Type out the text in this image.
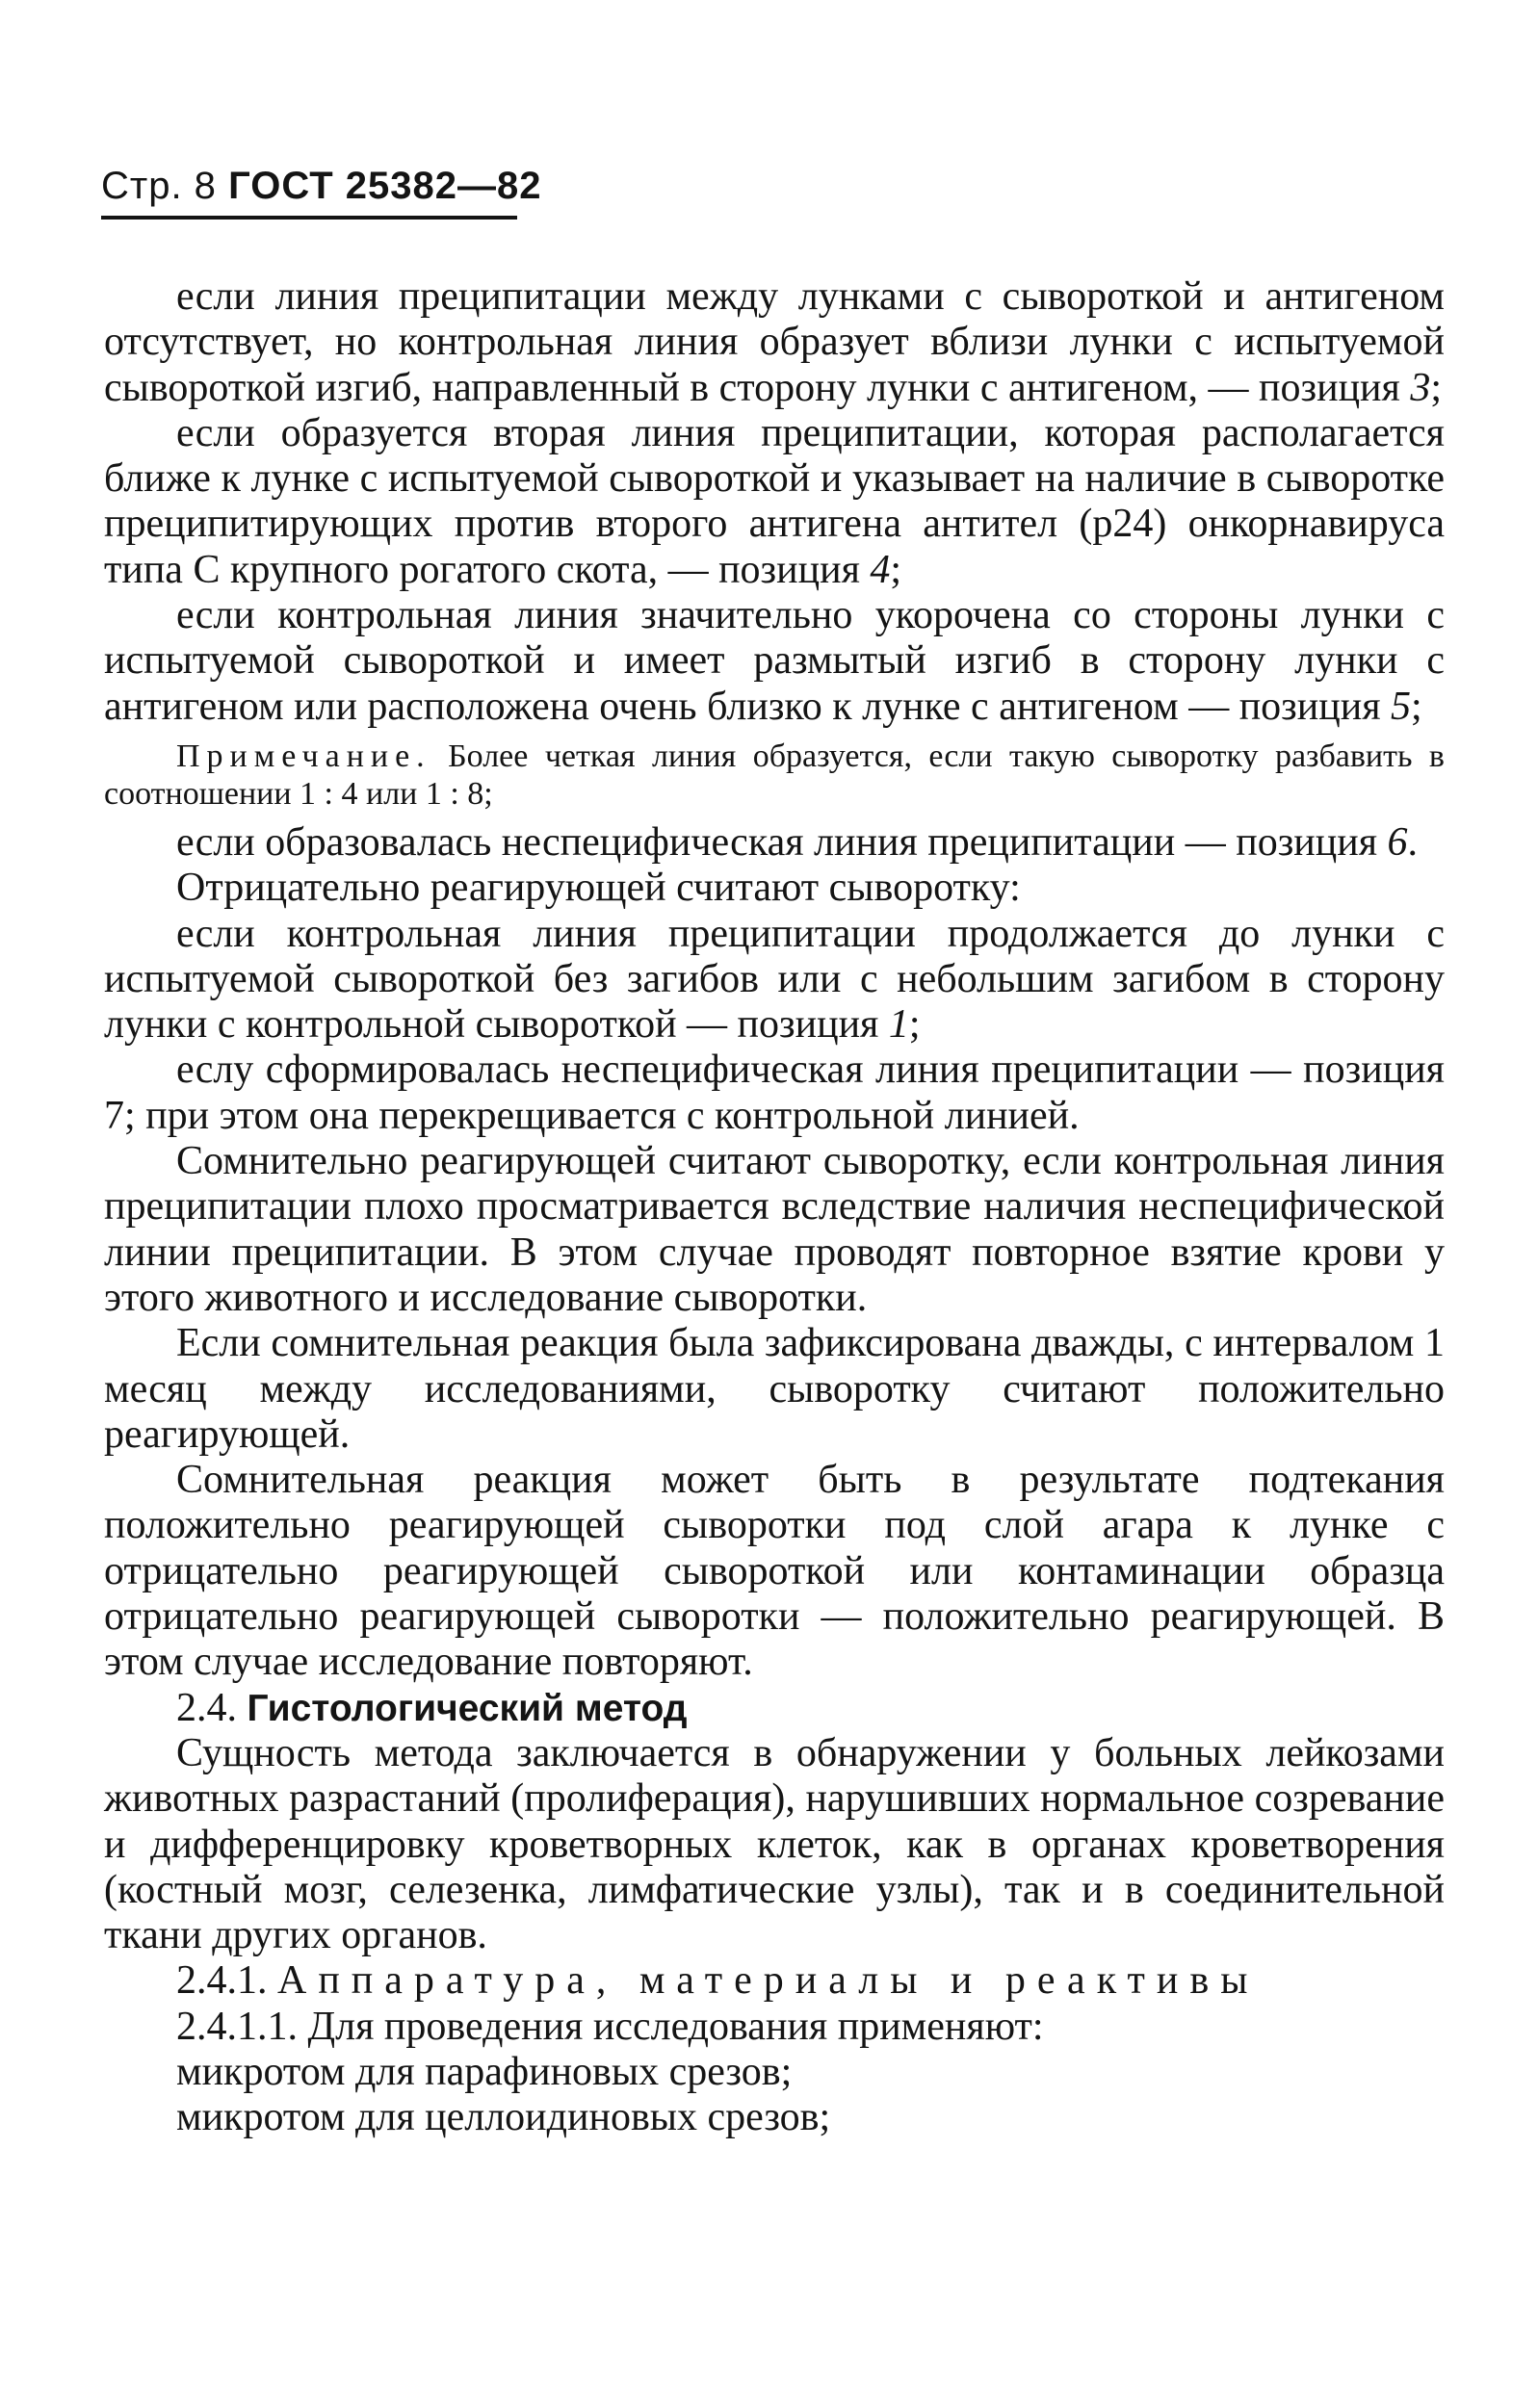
Стр. 8 ГОСТ 25382—82

если линия преципитации между лунками с сывороткой и антигеном отсутствует, но контрольная линия образует вблизи лунки с испытуемой сывороткой изгиб, направленный в сторону лунки с антигеном, — позиция 3;

если образуется вторая линия преципитации, которая располагается ближе к лунке с испытуемой сывороткой и указывает на наличие в сыворотке преципитирующих против второго антигена антител (р24) онкорнавируса типа С крупного рогатого скота, — позиция 4;

если контрольная линия значительно укорочена со стороны лунки с испытуемой сывороткой и имеет размытый изгиб в сторону лунки с антигеном или расположена очень близко к лунке с антигеном — позиция 5;

Примечание. Более четкая линия образуется, если такую сыворотку разбавить в соотношении 1 : 4 или 1 : 8;

если образовалась неспецифическая линия преципитации — позиция 6.

Отрицательно реагирующей считают сыворотку:

если контрольная линия преципитации продолжается до лунки с испытуемой сывороткой без загибов или с небольшим загибом в сторону лунки с контрольной сывороткой — позиция 1;

еслу сформировалась неспецифическая линия преципитации — позиция 7; при этом она перекрещивается с контрольной линией.

Сомнительно реагирующей считают сыворотку, если контрольная линия преципитации плохо просматривается вследствие наличия неспецифической линии преципитации. В этом случае проводят повторное взятие крови у этого животного и исследование сыворотки.

Если сомнительная реакция была зафиксирована дважды, с интервалом 1 месяц между исследованиями, сыворотку считают положительно реагирующей.

Сомнительная реакция может быть в результате подтекания положительно реагирующей сыворотки под слой агара к лунке с отрицательно реагирующей сывороткой или контаминации образца отрицательно реагирующей сыворотки — положительно реагирующей. В этом случае исследование повторяют.

2.4. Гистологический метод

Сущность метода заключается в обнаружении у больных лейкозами животных разрастаний (пролиферация), нарушивших нормальное созревание и дифференцировку кроветворных клеток, как в органах кроветворения (костный мозг, селезенка, лимфатические узлы), так и в соединительной ткани других органов.

2.4.1. Аппаратура, материалы и реактивы

2.4.1.1. Для проведения исследования применяют:

микротом для парафиновых срезов;

микротом для целлоидиновых срезов;
